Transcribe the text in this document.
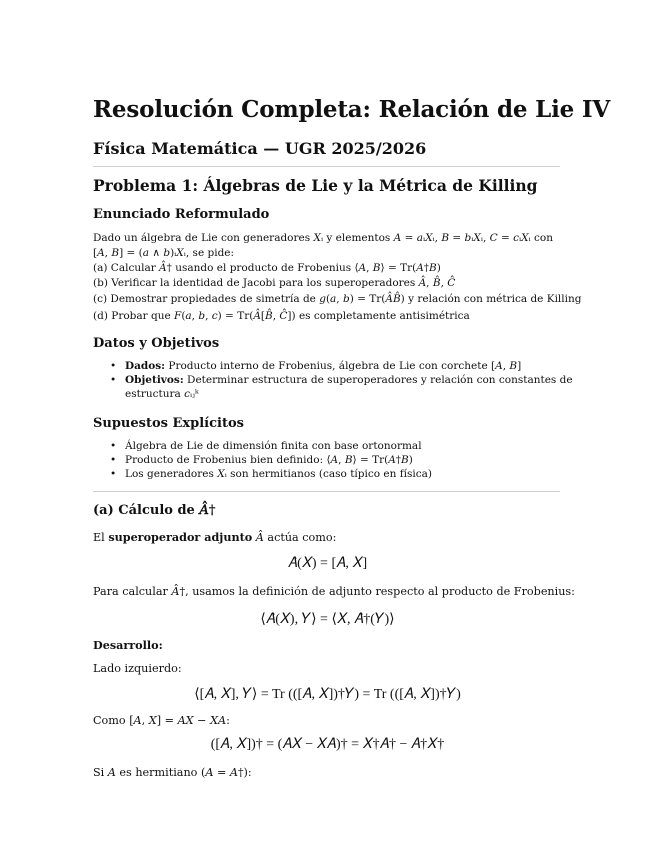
Resolución Completa: Relación de Lie IV
Física Matemática — UGR 2025/2026
Problema 1: Álgebras de Lie y la Métrica de Killing
Enunciado Reformulado
Dado un álgebra de Lie con generadores 𝑋ᵢ y elementos 𝐴 = 𝑎ᵢ𝑋ᵢ, 𝐵 = 𝑏ᵢ𝑋ᵢ, 𝐶 = 𝑐ᵢ𝑋ᵢ con
[𝐴, 𝐵] = (𝑎 ∧ 𝑏)ᵢ𝑋ᵢ, se pide:
(a) Calcular 𝐴̂† usando el producto de Frobenius ⟨𝐴, 𝐵⟩ = Tr(𝐴†𝐵)
(b) Verificar la identidad de Jacobi para los superoperadores 𝐴̂, 𝐵̂, 𝐶̂
(c) Demostrar propiedades de simetría de 𝑔(𝑎, 𝑏) = Tr(𝐴̂𝐵̂) y relación con métrica de Killing
(d) Probar que 𝐹(𝑎, 𝑏, 𝑐) = Tr(𝐴̂[𝐵̂, 𝐶̂]) es completamente antisimétrica
Datos y Objetivos
• Dados: Producto interno de Frobenius, álgebra de Lie con corchete [𝐴, 𝐵]
• Objetivos: Determinar estructura de superoperadores y relación con constantes de
estructura 𝑐ᵢⱼᵏ
Supuestos Explícitos
• Álgebra de Lie de dimensión finita con base ortonormal
• Producto de Frobenius bien definido: ⟨𝐴, 𝐵⟩ = Tr(𝐴†𝐵)
• Los generadores 𝑋ᵢ son hermitianos (caso típico en física)
(a) Cálculo de 𝐴̂†
El superoperador adjunto 𝐴̂ actúa como:
𝐴̂(𝑋) = [𝐴, 𝑋]
Para calcular 𝐴̂†, usamos la definición de adjunto respecto al producto de Frobenius:
⟨𝐴̂(𝑋), 𝑌⟩ = ⟨𝑋, 𝐴̂†(𝑌)⟩
Desarrollo:
Lado izquierdo:
⟨[𝐴, 𝑋], 𝑌⟩ = Tr (([𝐴, 𝑋])†𝑌) = Tr (([𝐴, 𝑋])†𝑌)
Como [𝐴, 𝑋] = 𝐴𝑋 − 𝑋𝐴:
([𝐴, 𝑋])† = (𝐴𝑋 − 𝑋𝐴)† = 𝑋†𝐴† − 𝐴†𝑋†
Si 𝐴 es hermitiano (𝐴 = 𝐴†):
